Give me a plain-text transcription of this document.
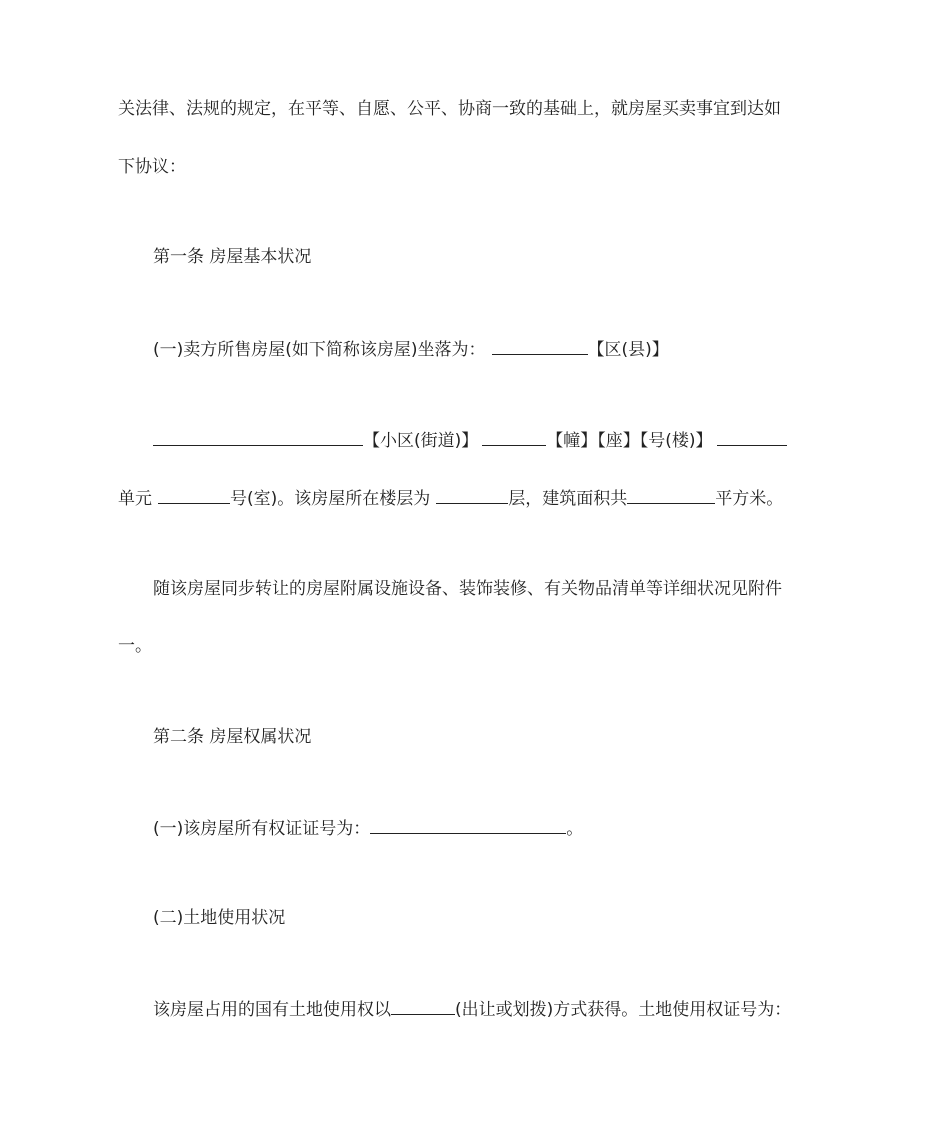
关法律、法规的规定，在平等、自愿、公平、协商一致的基础上，就房屋买卖事宜到达如
下协议：
第一条 房屋基本状况
(一)卖方所售房屋(如下简称该房屋)坐落为：	【区(县)】
【小区(街道)】	【幢】【座】【号(楼)】
单元	号(室)。该房屋所在楼层为	层，建筑面积共	平方米。
随该房屋同步转让的房屋附属设施设备、装饰装修、有关物品清单等详细状况见附件
一。
第二条 房屋权属状况
(一)该房屋所有权证证号为：	。
(二)土地使用状况
该房屋占用的国有土地使用权以	(出让或划拨)方式获得。土地使用权证号为：
